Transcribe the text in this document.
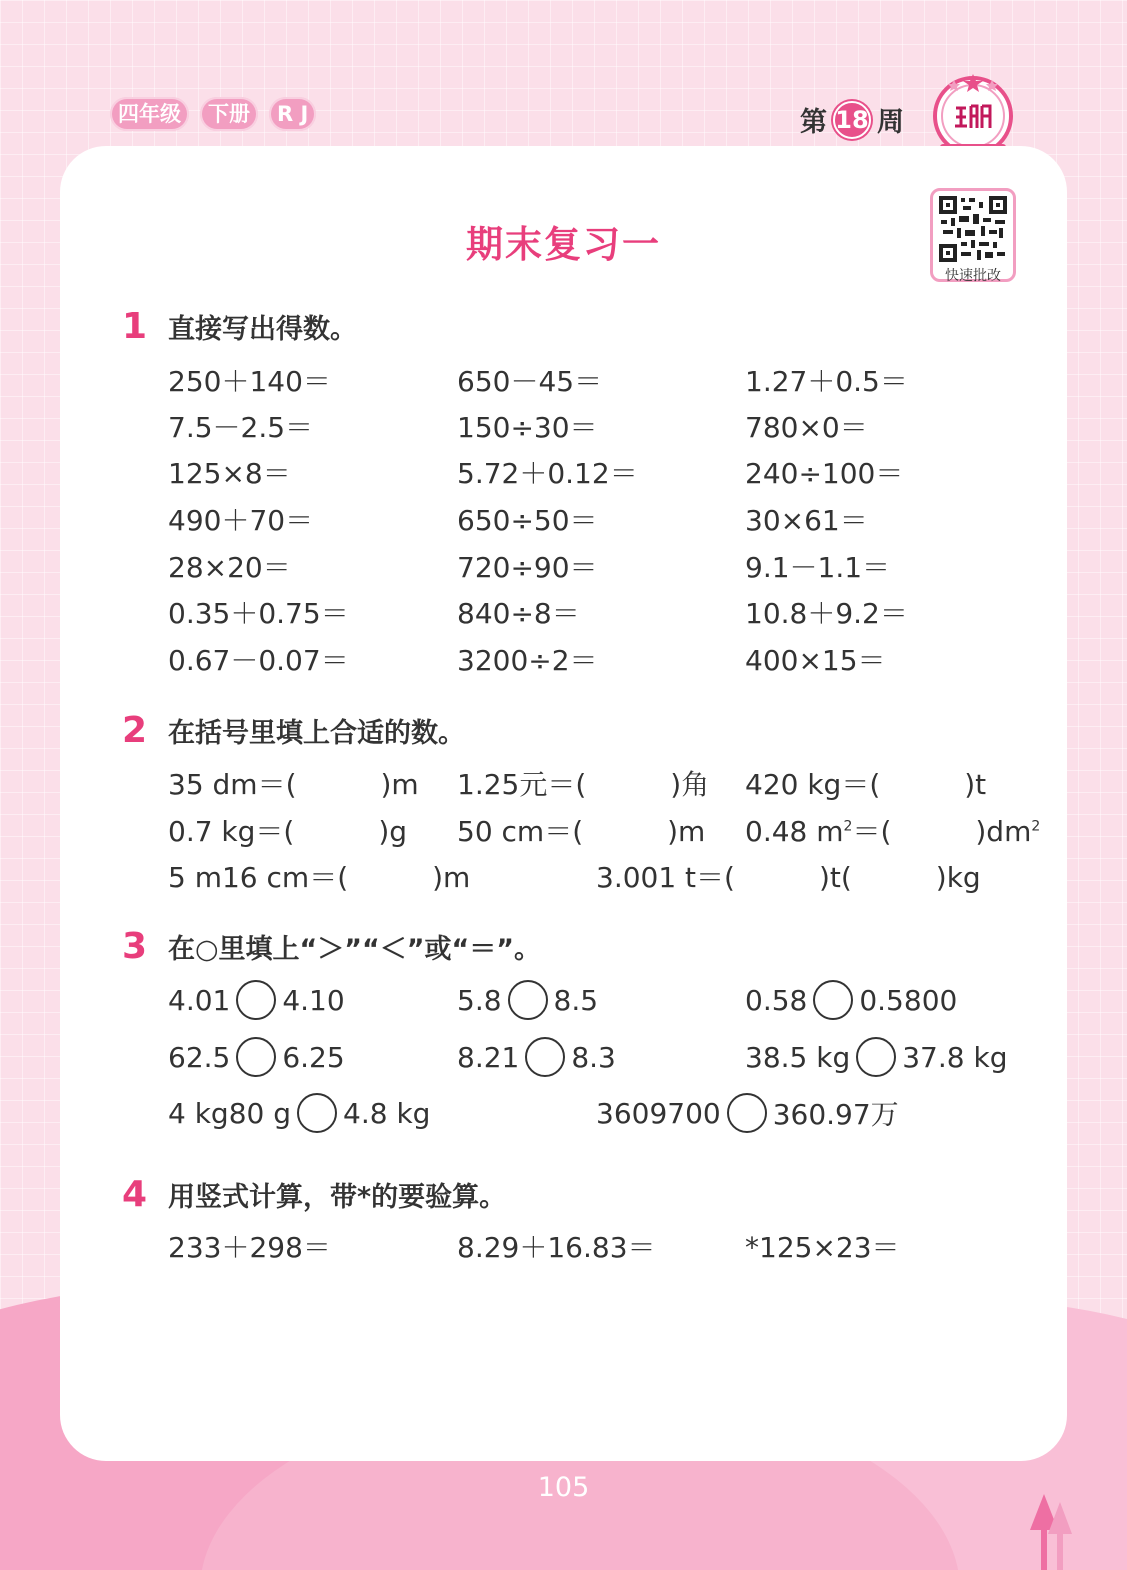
四年级	下册	R J	第 18 周
期末复习一
快速批改
1 直接写出得数。
250＋140＝	650－45＝	1.27＋0.5＝
7.5－2.5＝	150÷30＝	780×0＝
125×8＝	5.72＋0.12＝	240÷100＝
490＋70＝	650÷50＝	30×61＝
28×20＝	720÷90＝	9.1－1.1＝
0.35＋0.75＝	840÷8＝	10.8＋9.2＝
0.67－0.07＝	3200÷2＝	400×15＝
2 在括号里填上合适的数。
35 dm＝(　　　)m 1.25元＝(　　　)角 420 kg＝(　　　)t
0.7 kg＝(　　　)g 50 cm＝(　　　)m 0.48 $m^2=$(　　　)$dm^2$
5 m16 cm＝(　　　)m	3.001 t＝(　　　)t(　　　)kg
3 在○里填上“＞”“＜”或“＝”。
4.01 4.10	5.8 8.5	0.58 0.5800
62.5 6.25	8.21 8.3	38.5 kg 37.8 kg
4 kg80 g 4.8 kg	3609700 360.97万
4 用竖式计算，带*的要验算。
233＋298＝	8.29＋16.83＝	*125×23＝
105
